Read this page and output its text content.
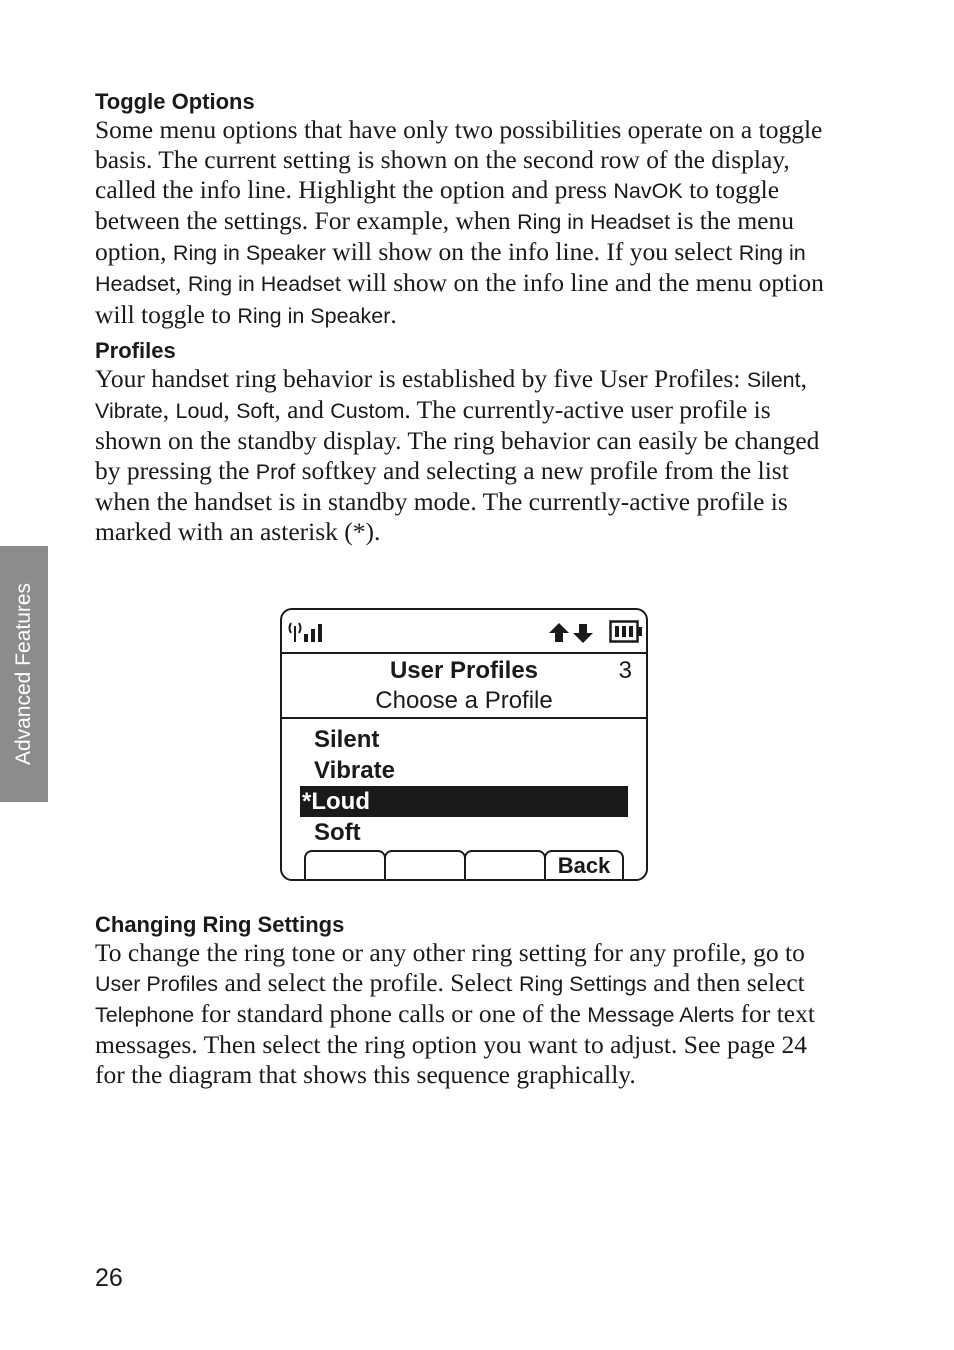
Advanced Features
Toggle Options
Some menu options that have only two possibilities operate on a toggle basis. The current setting is shown on the second row of the display, called the info line. Highlight the option and press NavOK to toggle between the settings. For example, when Ring in Headset is the menu option, Ring in Speaker will show on the info line. If you select Ring in Headset, Ring in Headset will show on the info line and the menu option will toggle to Ring in Speaker.
Profiles
Your handset ring behavior is established by five User Profiles: Silent, Vibrate, Loud, Soft, and Custom. The currently-active user profile is shown on the standby display. The ring behavior can easily be changed by pressing the Prof softkey and selecting a new profile from the list when the handset is in standby mode. The currently-active profile is marked with an asterisk (*).
User Profiles	3
Choose a Profile
Silent
Vibrate
*Loud
Soft
Back
Changing Ring Settings
To change the ring tone or any other ring setting for any profile, go to User Profiles and select the profile. Select Ring Settings and then select Telephone for standard phone calls or one of the Message Alerts for text messages. Then select the ring option you want to adjust. See page 24 for the diagram that shows this sequence graphically.
26
